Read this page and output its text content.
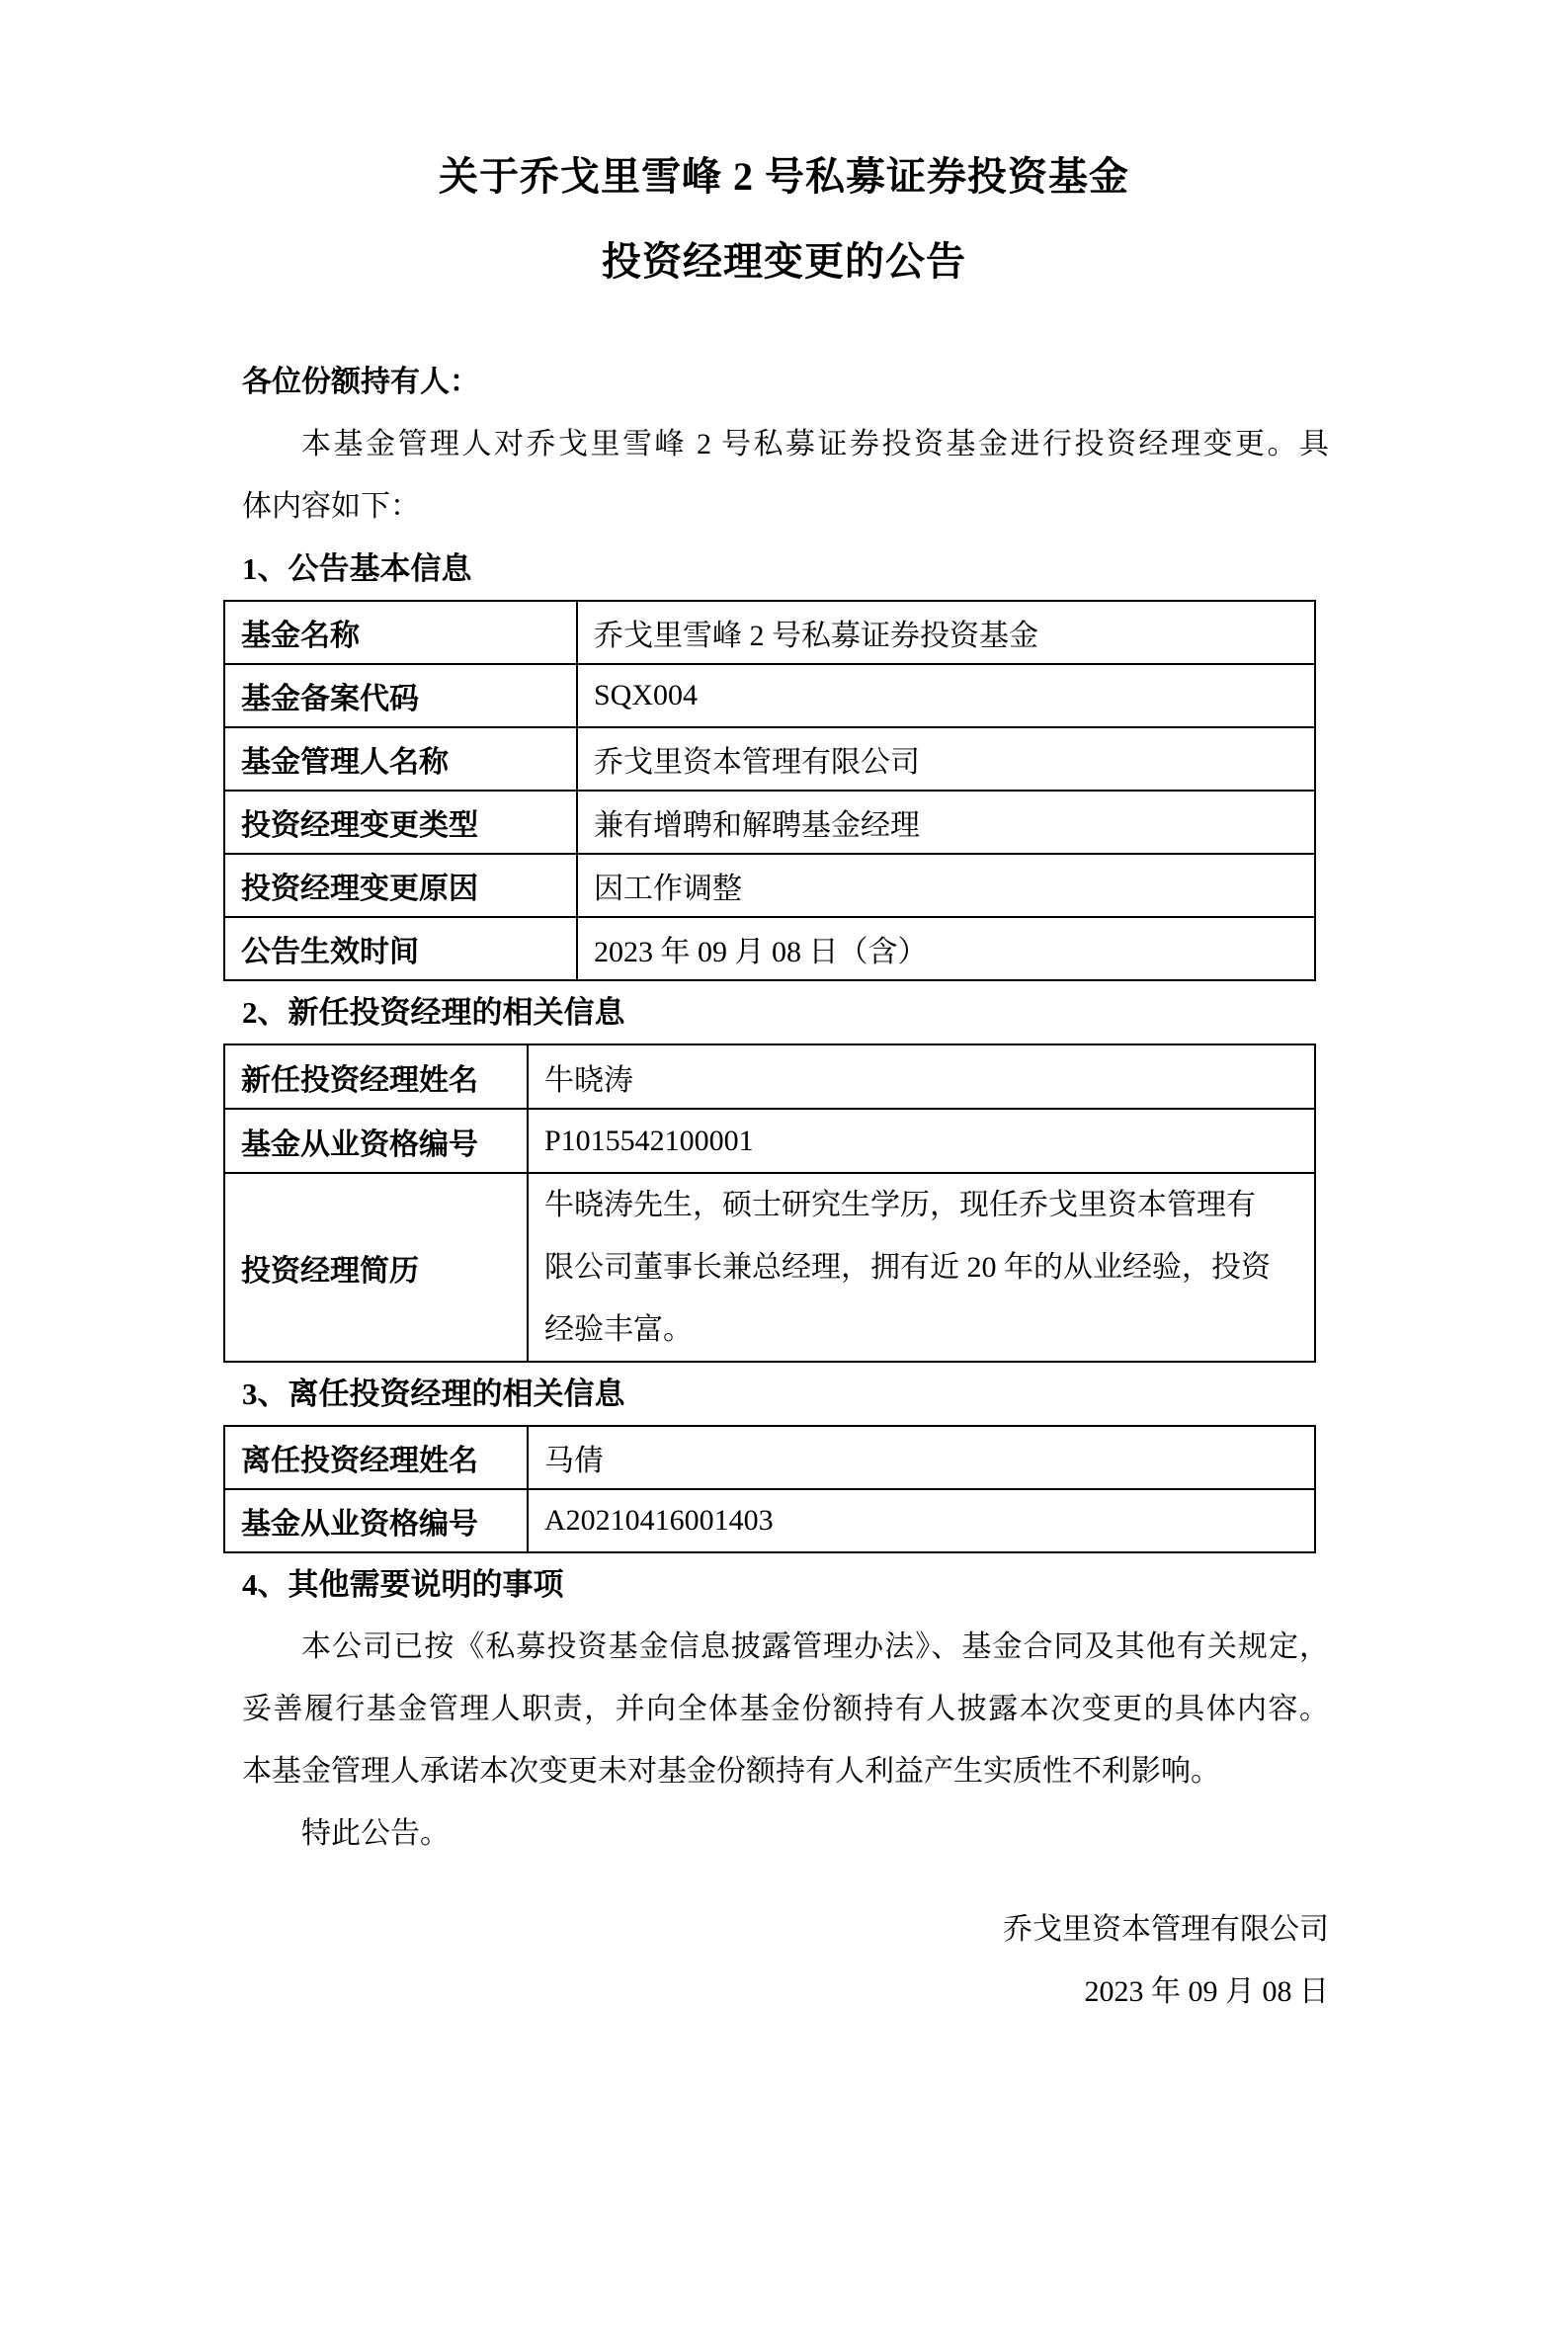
关于乔戈里雪峰 2 号私募证券投资基金
投资经理变更的公告
各位份额持有人：
本基金管理人对乔戈里雪峰 2 号私募证券投资基金进行投资经理变更。具
体内容如下：
1、公告基本信息
基金名称	乔戈里雪峰 2 号私募证券投资基金
基金备案代码	SQX004
基金管理人名称	乔戈里资本管理有限公司
投资经理变更类型	兼有增聘和解聘基金经理
投资经理变更原因	因工作调整
公告生效时间	2023 年 09 月 08 日（含）
2、新任投资经理的相关信息
新任投资经理姓名	牛晓涛
基金从业资格编号	P1015542100001
投资经理简历	牛晓涛先生，硕士研究生学历，现任乔戈里资本管理有
限公司董事长兼总经理，拥有近 20 年的从业经验，投资
经验丰富。
3、离任投资经理的相关信息
离任投资经理姓名	马倩
基金从业资格编号	A20210416001403
4、其他需要说明的事项
本公司已按《私募投资基金信息披露管理办法》、基金合同及其他有关规定，
妥善履行基金管理人职责，并向全体基金份额持有人披露本次变更的具体内容。
本基金管理人承诺本次变更未对基金份额持有人利益产生实质性不利影响。
特此公告。
乔戈里资本管理有限公司
2023 年 09 月 08 日
